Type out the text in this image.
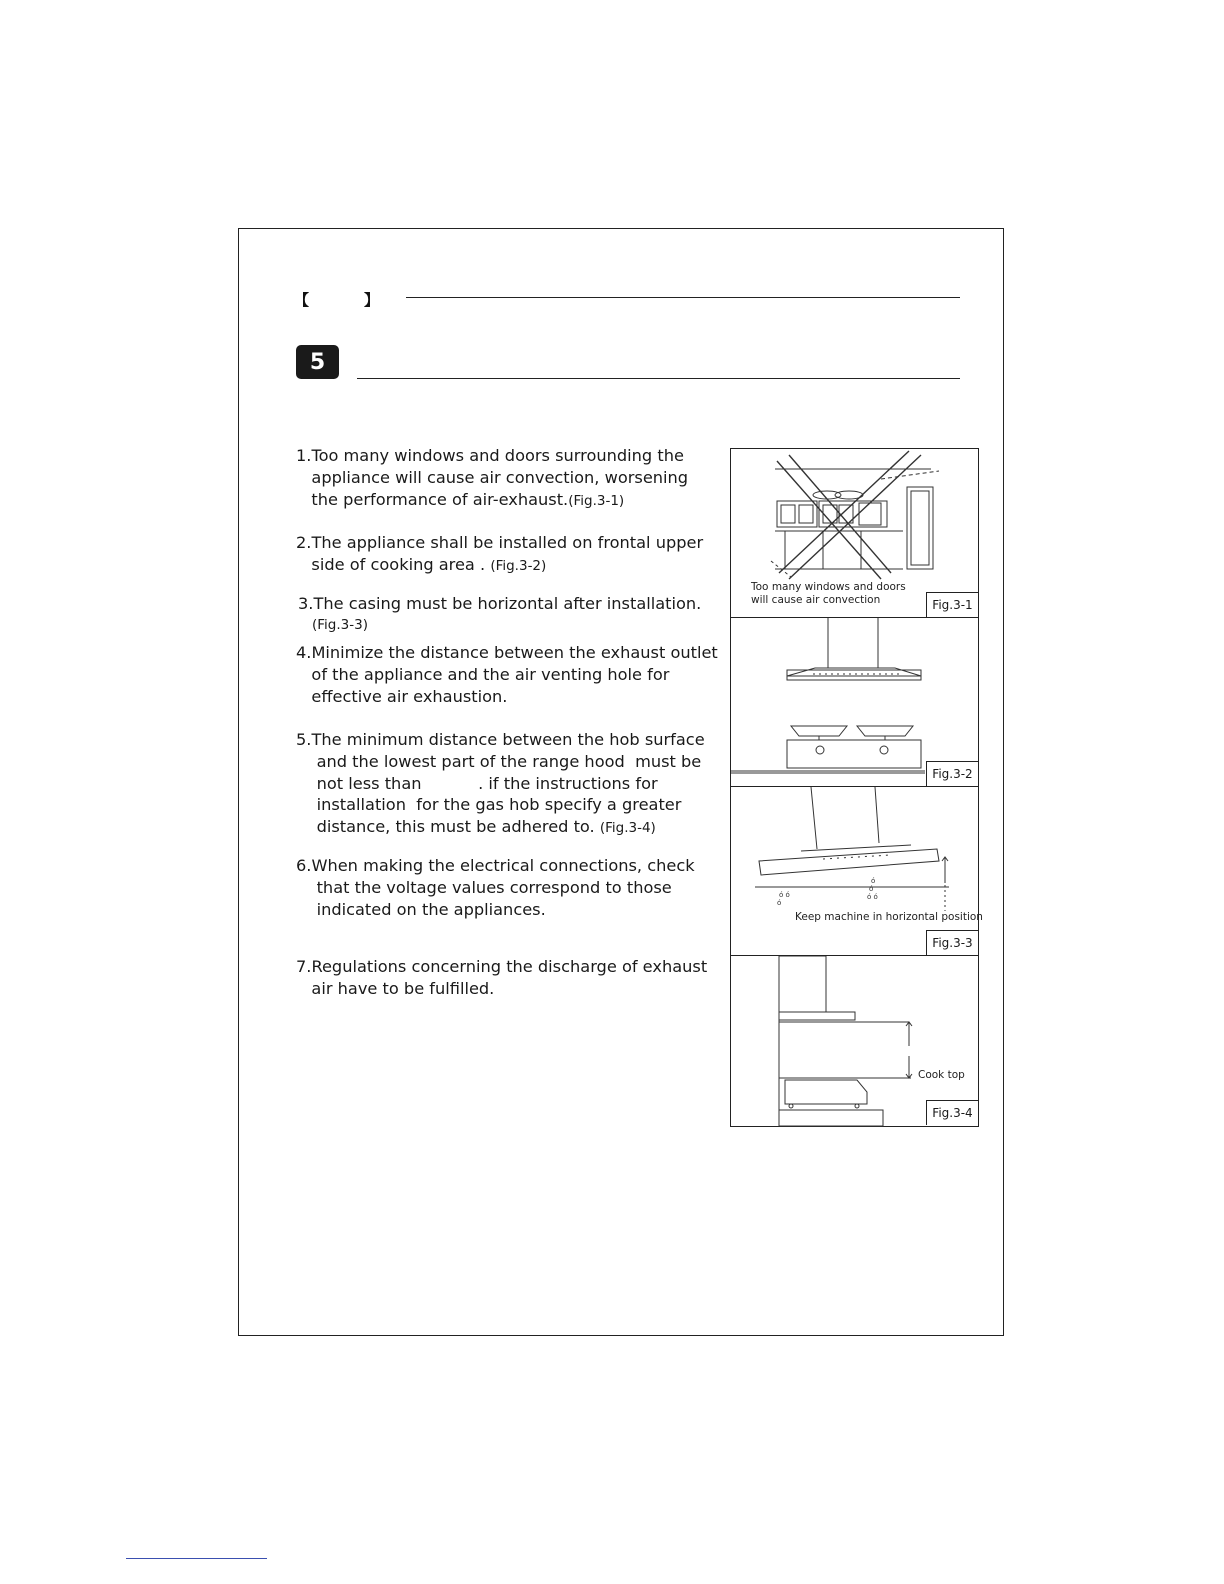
【	】
5
1.Too many windows and doors surrounding the
appliance will cause air convection, worsening
the performance of air-exhaust.(Fig.3-1)
2.The appliance shall be installed on frontal upper
side of cooking area . (Fig.3-2)
3.The casing must be horizontal after installation.
(Fig.3-3)
4.Minimize the distance between the exhaust outlet
of the appliance and the air venting hole for
effective air exhaustion.
5.The minimum distance between the hob surface
and the lowest part of the range hood  must be
not less than           . if the instructions for
installation  for the gas hob specify a greater
distance, this must be adhered to. (Fig.3-4)
6.When making the electrical connections, check
that the voltage values correspond to those
indicated on the appliances.
7.Regulations concerning the discharge of exhaust
air have to be fulfilled.
Too many windows and doors
will cause air convection	Fig.3-1
Fig.3-2
ó ó
ó
ó
ó
ó ó
Keep machine in horizontal position
Fig.3-3
Cook top
Fig.3-4
